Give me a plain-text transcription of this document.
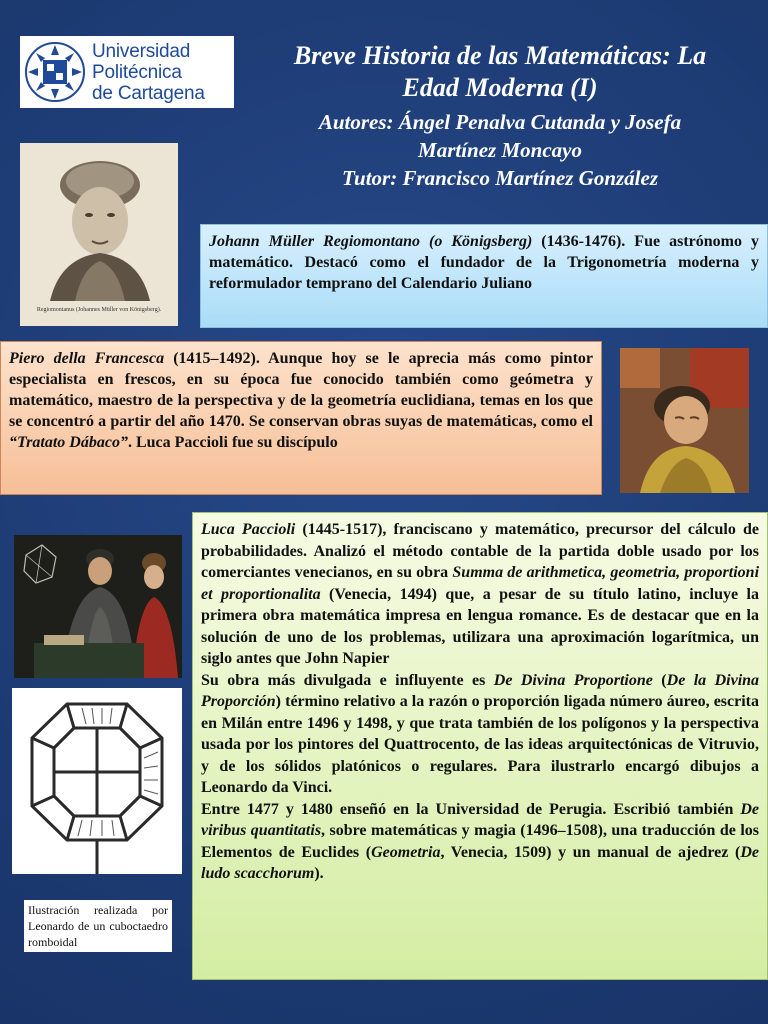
Universidad
Politécnica
de Cartagena
Breve Historia de las Matemáticas: La
Edad Moderna (I)
Autores: Ángel Penalva Cutanda y Josefa
Martínez Moncayo
Tutor: Francisco Martínez González
Regiomontanus (Johannes Müller von Königsberg).
Johann Müller Regiomontano (o Königsberg) (1436-1476). Fue astrónomo y matemático. Destacó como el fundador de la Trigonometría moderna y reformulador temprano del Calendario Juliano
Piero della Francesca (1415–1492). Aunque hoy se le aprecia más como pintor especialista en frescos, en su época fue conocido también como geómetra y matemático, maestro de la perspectiva y de la geometría euclidiana, temas en los que se concentró a partir del año 1470. Se conservan obras suyas de matemáticas, como el “Tratato Dábaco”. Luca Paccioli fue su discípulo
Ilustración realizada por Leonardo de un cuboctaedro romboidal
Luca Paccioli (1445-1517), franciscano y matemático, precursor del cálculo de probabilidades. Analizó el método contable de la partida doble usado por los comerciantes venecianos, en su obra Summa de arithmetica, geometria, proportioni et proportionalita (Venecia, 1494) que, a pesar de su título latino, incluye la primera obra matemática impresa en lengua romance. Es de destacar que en la solución de uno de los problemas, utilizara una aproximación logarítmica, un siglo antes que John Napier
Su obra más divulgada e influyente es De Divina Proportione (De la Divina Proporción) término relativo a la razón o proporción ligada número áureo, escrita en Milán entre 1496 y 1498, y que trata también de los polígonos y la perspectiva usada por los pintores del Quattrocento, de las ideas arquitectónicas de Vitruvio, y de los sólidos platónicos o regulares. Para ilustrarlo encargó dibujos a Leonardo da Vinci.
Entre 1477 y 1480 enseñó en la Universidad de Perugia. Escribió también De viribus quantitatis, sobre matemáticas y magia (1496–1508), una traducción de los Elementos de Euclides (Geometria, Venecia, 1509) y un manual de ajedrez (De ludo scacchorum).
